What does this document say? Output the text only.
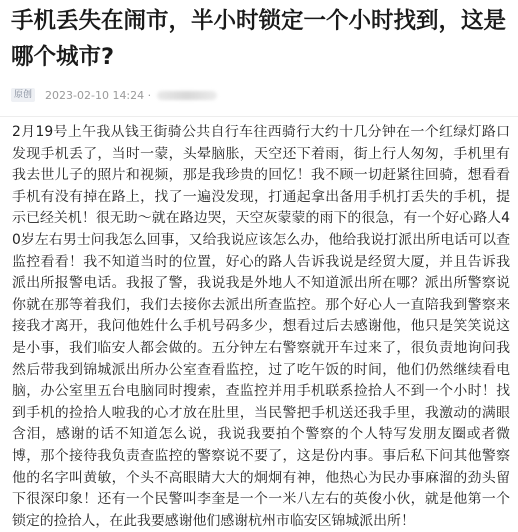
手机丢失在闹市，半小时锁定一个小时找到，这是哪个城市?
原创 2023-02-10 14:24 ·

2月19号上午我从钱王街骑公共自行车往西骑行大约十几分钟在一个红绿灯路口发现手机丢了，当时一蒙，头晕脑胀，天空还下着雨，街上行人匆匆，手机里有我去世儿子的照片和视频，那是我珍贵的回忆！我不顾一切赶紧往回骑，想看看手机有没有掉在路上，找了一遍没发现，打通起拿出备用手机打丢失的手机，提示已经关机！很无助～就在路边哭，天空灰蒙蒙的雨下的很急，有一个好心路人40岁左右男士问我怎么回事，又给我说应该怎么办，他给我说打派出所电话可以查监控看看！我不知道当时的位置，好心的路人告诉我说是经贸大厦，并且告诉我派出所报警电话。我报了警，我说我是外地人不知道派出所在哪？派出所警察说你就在那等着我们，我们去接你去派出所查监控。那个好心人一直陪我到警察来接我才离开，我问他姓什么手机号码多少，想看过后去感谢他，他只是笑笑说这是小事，我们临安人都会做的。五分钟左右警察就开车过来了，很负责地询问我然后带我到锦城派出所办公室查看监控，过了吃午饭的时间，他们仍然继续看电脑，办公室里五台电脑同时搜索，查监控并用手机联系捡拾人不到一个小时！找到手机的捡拾人啦我的心才放在肚里，当民警把手机送还我手里，我激动的满眼含泪，感谢的话不知道怎么说，我说我要拍个警察的个人特写发朋友圈或者微博，那个接待我负责查监控的警察说不要了，这是份内事。事后私下问其他警察他的名字叫黄敏，个头不高眼睛大大的炯炯有神，他热心为民办事麻溜的劲头留下很深印象！还有一个民警叫李奎是一个一米八左右的英俊小伙，就是他第一个锁定的捡拾人，在此我要感谢他们感谢杭州市临安区锦城派出所！
